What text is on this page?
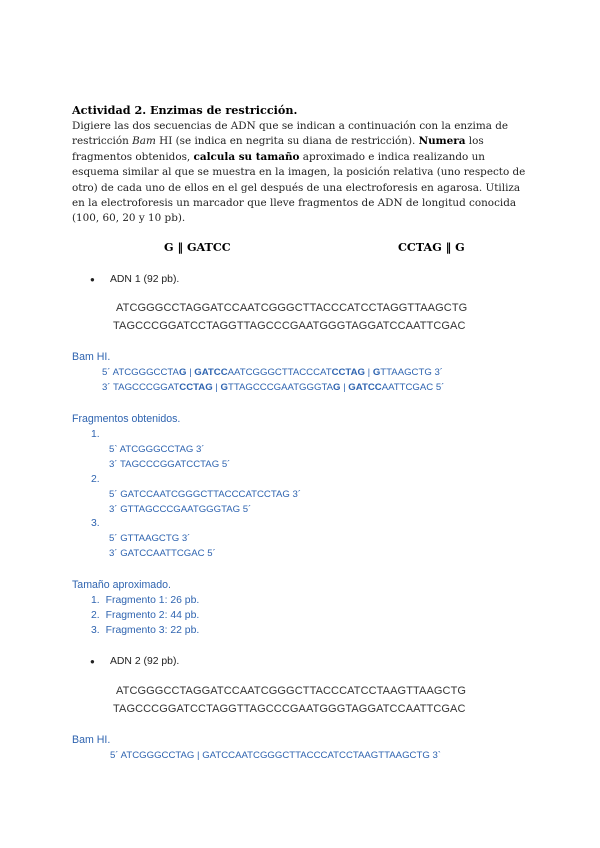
Actividad 2. Enzimas de restricción.
Digiere las dos secuencias de ADN que se indican a continuación con la enzima de restricción Bam HI (se indica en negrita su diana de restricción). Numera los fragmentos obtenidos, calcula su tamaño aproximado e indica realizando un esquema similar al que se muestra en la imagen, la posición relativa (uno respecto de otro) de cada uno de ellos en el gel después de una electroforesis en agarosa. Utiliza en la electroforesis un marcador que lleve fragmentos de ADN de longitud conocida (100, 60, 20 y 10 pb).
G ‖ GATCC	CCTAG ‖ G
● ADN 1 (92 pb).
ATCGGGCCTAGGATCCAATCGGGCTTACCCATCCTAGGTTAAGCTG
TAGCCCGGATCCTAGGTTAGCCCGAATGGGTAGGATCCAATTCGAC
Bam HI.
5´ ATCGGGCCTAG | GATCCAATCGGGCTTACCCATCCTAG | GTTAAGCTG 3´
3´ TAGCCCGGATCCTAG | GTTAGCCCGAATGGGTAG | GATCCAATTCGAC 5´
Fragmentos obtenidos.
1.
5` ATCGGGCCTAG 3´
3´ TAGCCCGGATCCTAG 5´
2.
5´ GATCCAATCGGGCTTACCCATCCTAG 3´
3´ GTTAGCCCGAATGGGTAG 5´
3.
5´ GTTAAGCTG 3´
3´ GATCCAATTCGAC 5´
Tamaño aproximado.
1. Fragmento 1: 26 pb.
2. Fragmento 2: 44 pb.
3. Fragmento 3: 22 pb.
● ADN 2 (92 pb).
ATCGGGCCTAGGATCCAATCGGGCTTACCCATCCTAAGTTAAGCTG
TAGCCCGGATCCTAGGTTAGCCCGAATGGGTAGGATCCAATTCGAC
Bam HI.
5´ ATCGGGCCTAG | GATCCAATCGGGCTTACCCATCCTAAGTTAAGCTG 3`
